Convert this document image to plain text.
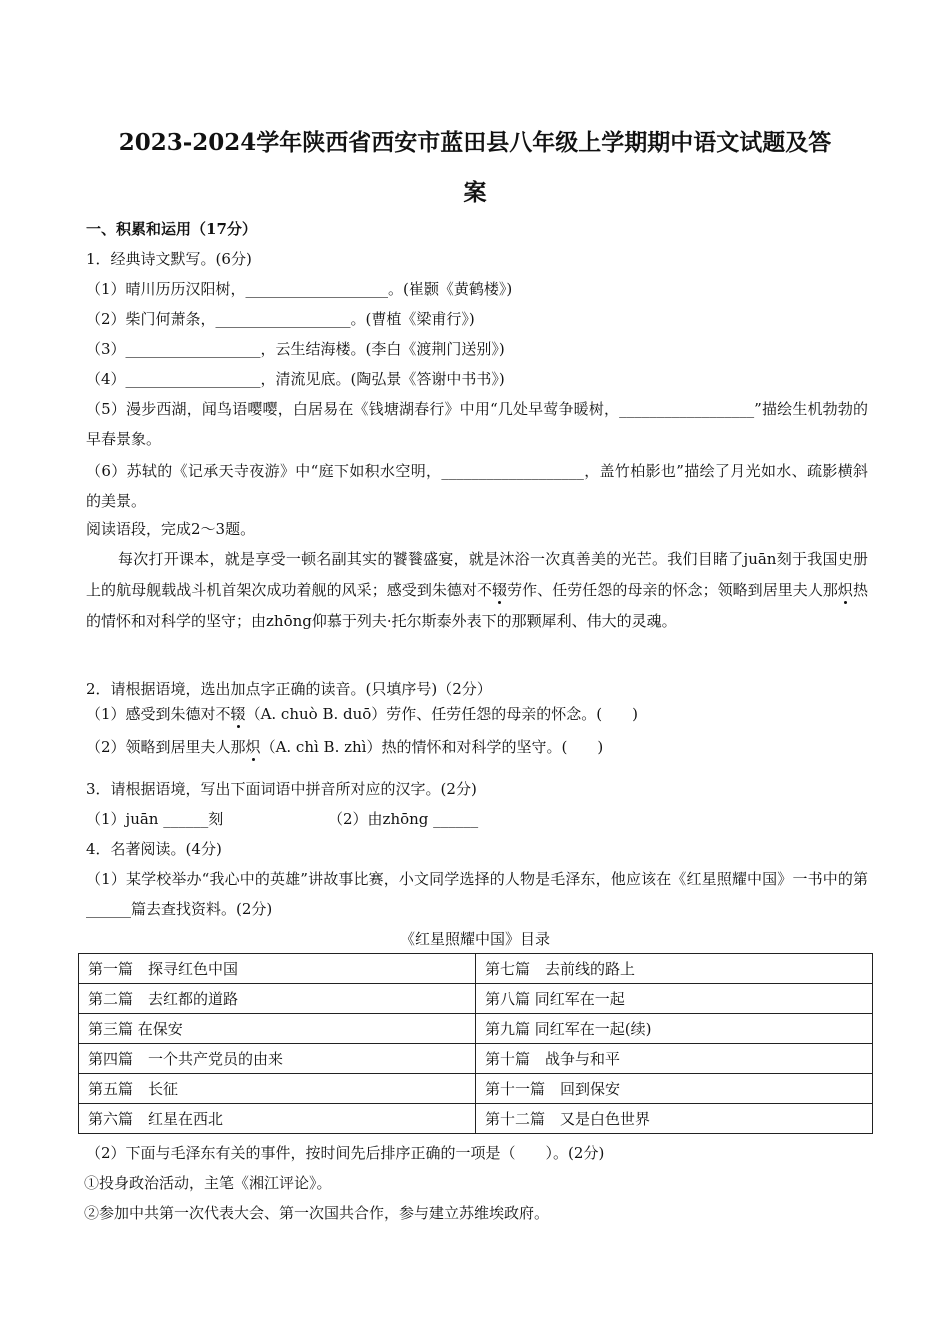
2023-2024学年陕西省西安市蓝田县八年级上学期期中语文试题及答
案
一、积累和运用（17分）
1．经典诗文默写。(6分)
（1）晴川历历汉阳树，___________________。(崔颢《黄鹤楼》)
（2）柴门何萧条，__________________。(曹植《梁甫行》)
（3）__________________，云生结海楼。(李白《渡荆门送别》)
（4）__________________，清流见底。(陶弘景《答谢中书书》)
（5）漫步西湖，闻鸟语嘤嘤，白居易在《钱塘湖春行》中用“几处早莺争暖树，__________________”描绘生机勃勃的早春景象。
（6）苏轼的《记承天寺夜游》中“庭下如积水空明，___________________，盖竹柏影也”描绘了月光如水、疏影横斜的美景。
阅读语段，完成2～3题。
每次打开课本，就是享受一顿名副其实的饕餮盛宴，就是沐浴一次真善美的光芒。我们目睹了juān刻于我国史册上的航母舰载战斗机首架次成功着舰的风采；感受到朱德对不辍劳作、任劳任怨的母亲的怀念；领略到居里夫人那炽热的情怀和对科学的坚守；由zhōng仰慕于列夫·托尔斯泰外表下的那颗犀利、伟大的灵魂。
2．请根据语境，选出加点字正确的读音。(只填序号)（2分）
（1）感受到朱德对不辍（A. chuò B. duō）劳作、任劳任怨的母亲的怀念。(　　)
（2）领略到居里夫人那炽（A. chì B. zhì）热的情怀和对科学的坚守。(　　)
3．请根据语境，写出下面词语中拼音所对应的汉字。(2分)
（1）juān ______刻	（2）由zhōng ______
4．名著阅读。(4分)
（1）某学校举办“我心中的英雄”讲故事比赛，小文同学选择的人物是毛泽东，他应该在《红星照耀中国》一书中的第______篇去查找资料。(2分)
《红星照耀中国》目录
第一篇　探寻红色中国	第七篇　去前线的路上
第二篇　去红都的道路	第八篇 同红军在一起
第三篇 在保安	第九篇 同红军在一起(续)
第四篇　一个共产党员的由来	第十篇　战争与和平
第五篇　长征	第十一篇　回到保安
第六篇　红星在西北	第十二篇　又是白色世界
（2）下面与毛泽东有关的事件，按时间先后排序正确的一项是（　　）。(2分)
①投身政治活动，主笔《湘江评论》。
②参加中共第一次代表大会、第一次国共合作，参与建立苏维埃政府。
